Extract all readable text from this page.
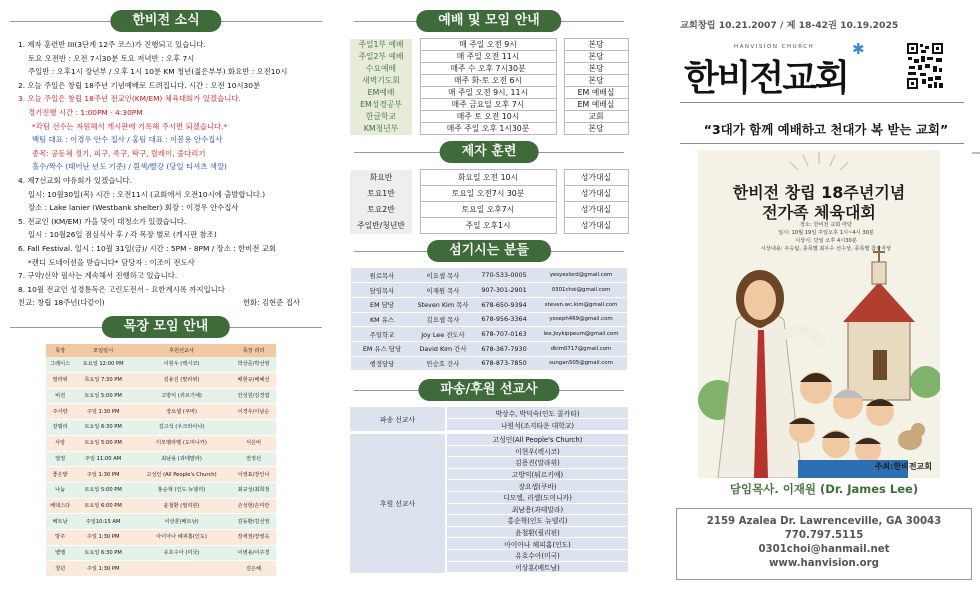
한비전 소식
1. 제자 훈련반 III(3단계 12주 코스)가 진행되고 있습니다.
토요 오전반 : 오전 7시30분 토요 저녁반 : 오후 7시
주일반 : 오후1시 장년부 / 오후 1시 10분 KM 청년(젊은부부) 화요반 : 오전10시
2. 오늘 주일은 창립 18주년 기념예배로 드려집니다. 시간 : 오전 10시30분
3. 오늘 주일은 창립 18주년 전교인(KM/EM) 체육대회가 있겠습니다.
경기진행 시간 : 1:00PM - 4:30PM
*각팀 선수는 자원해서 게시판에 기록해 주시면 되겠습니다.*
백팀 대표 : 이경우 안수 집사 / 홍팀 대표 : 이봉용 안수집사
종목: 공동체 경기, 피구, 족구, 탁구, 릴레이, 줄다리기
홀수/짝수 (태어난 년도 기준) / 흰색/빨강 (당일 티셔츠 색깔)
4. 제7선교회 야유회가 있겠습니다.
일시: 10월30일(목) 시간 : 오전11시 (교회에서 오전10시에 출발합니다.)
장소 : Lake lanier (Westbank shelter) 회장 : 이경우 안수집사
5. 전교인 (KM/EM) 가을 맞이 대청소가 있겠습니다.
일시 : 10월26일 점심식사 후 / 각 목장 별로 (게시판 참조)
6. Fall Festival. 일시 : 10월 31일(금)/ 시간 : 5PM - 8PM / 장소 : 한비전 교회
*캔디 도네이션을 받습니다* 담당자 : 이조이 전도사
7. 구약/신약 필사는 계속해서 진행하고 있습니다.
8. 10월 전교인 성경통독은 고린도전서 - 요한계시록 까지입니다
친교: 창립 18주년(다같이)	헌화: 김현준 집사
목장 모임 안내
목장	모임일시	후원선교사	목장 리더
그레이스	토요일 12:00 PM	이현우 (렉시코)	박상준/박선영
말라위	목요일 7:30 PM	김용진 (말라위)	배현규/배혜선
비전	토요일 5:00 PM	고방익 (퀴르기예)	안성원/김경엽
주사랑	주일 1:30 PM	장요셉 (쿠바)	이경우/이남순
갈릴리	토요일 6:30 PM	김고석 (우크라이나)	
사랑	토요일 5:00 PM	디모벨라벨 (도미니카)	서은비
열정	주일 11:00 AM	최남용 (과테말라)	전정선
좋은밭	주일 1:30 PM	고성인 (All People's Church)	이영표/장인나
나눔	토요일 5:00 PM	홍순혁 (인도 뉴델리)	최규성/최희정
베데스다	토요일 6:00 PM	윤철환 (필리핀)	손성현/손미란
베트남	주일10:15 AM	이상훈(베트남)	김동환/김선영
방주	주일 1:30 PM	아이아나 헤피홈(인도)	장세권/장영옥
벧엘	토요일 6:30 PM	유호수아 (미국)	이병용/이주경
청년	주일 1:30 PM		김은혜
예배 및 모임 안내
주일1부 예배		매 주일 오전 9시		본당
주일2부 예배		매 주일 오전 11시		본당
수요예배		매주 수 오후 7시30분		본당
새벽기도회		매주 화-토 오전 6시		본당
EM예배		매 주일 오전 9시, 11시		EM 예배실
EM성경공부		매주 금요일 오후 7시		EM 예배실
한글학교		매주 토 오전 10시		교회
KM청년부		매주 주일 오후 1시30분		본당
제자 훈련
화요반		화요일 오전 10시		성가대실
토요1반		토요일 오전7시 30분		성가대실
토요2반		토요일 오후7시		성가대실
주일반/청년반		주일 오후1시		성가대실
섬기시는 분들
원로목사	이요셉 목사	770-533-0005	yesyeslord@gmail.com
담임목사	이재원 목사	907-301-2901	0301choi@gmail.com
EM 담당	Steven Kim 목사	678-650-9394	steven.wc.kim@gmail.com
KM 유스	김요셉 목사	678-956-3364	yoseph469@gmail.com
주일학교	Joy Lee 전도사	678-707-0163	lee.Joykippeum@gmail.com
EM 유스 담당	David Kim 간사	678-367-7930	dkim0717@gmail.com
행정담당	안승호 간사	678-873-7850	sungan505@gmail.com
파송/후원 선교사
파송 선교사	박상수, 박덕숙(인도 콜카타)
	나원석(조지타운 대학교)

후원 선교사	고성인(All People's Church)
	이현우(렉시코)
	김용진(말라위)
	고방익(튀르키예)
	장요셉(쿠바)
	디모엘, 리셸(도미니카)
	최남용(과테말라)
	홍순혁(인도 뉴델리)
	윤철환(필리핀)
	아이아나 헤피홈(인도)
	유호수아(미국)
	이상훈(베트남)
교회창립 10.21.2007 / 제 18-42권 10.19.2025
HANVISION CHURCH
한비전교회
✱
“3대가 함께 예배하고 천대가 복 받는 교회”
한비전 창립 18주년기념
전가족 체육대회
장소: 한비전 교회 마당
일시: 10월 19일 주일오후 1시~4시 30분
시상식: 당일 오후 4시30분
시상내용: 우승팀, 종목별 최우수 선수상, 종목별 참가자상
주최:한비전교회
담임목사. 이재원 (Dr. James Lee)
2159 Azalea Dr. Lawrenceville, GA 30043
770.797.5115
0301choi@hanmail.net
www.hanvision.org
